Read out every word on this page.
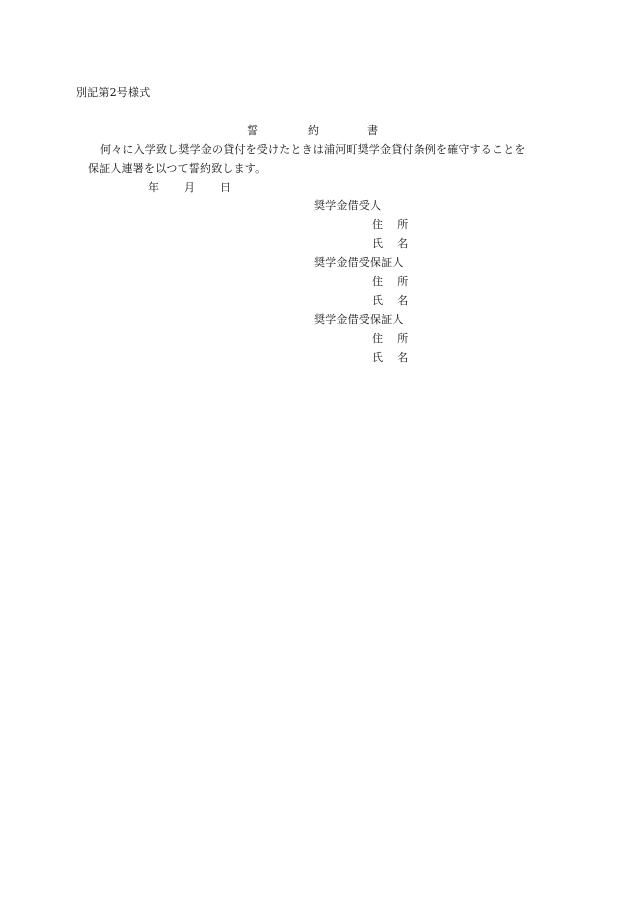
別記第2号様式
誓	約	書
何々に入学致し奨学金の貸付を受けたときは浦河町奨学金貸付条例を確守することを
保証人連署を以つて誓約致します。
年 月 日
奨学金借受人
住 所
氏 名
奨学金借受保証人
住 所
氏 名
奨学金借受保証人
住 所
氏 名
